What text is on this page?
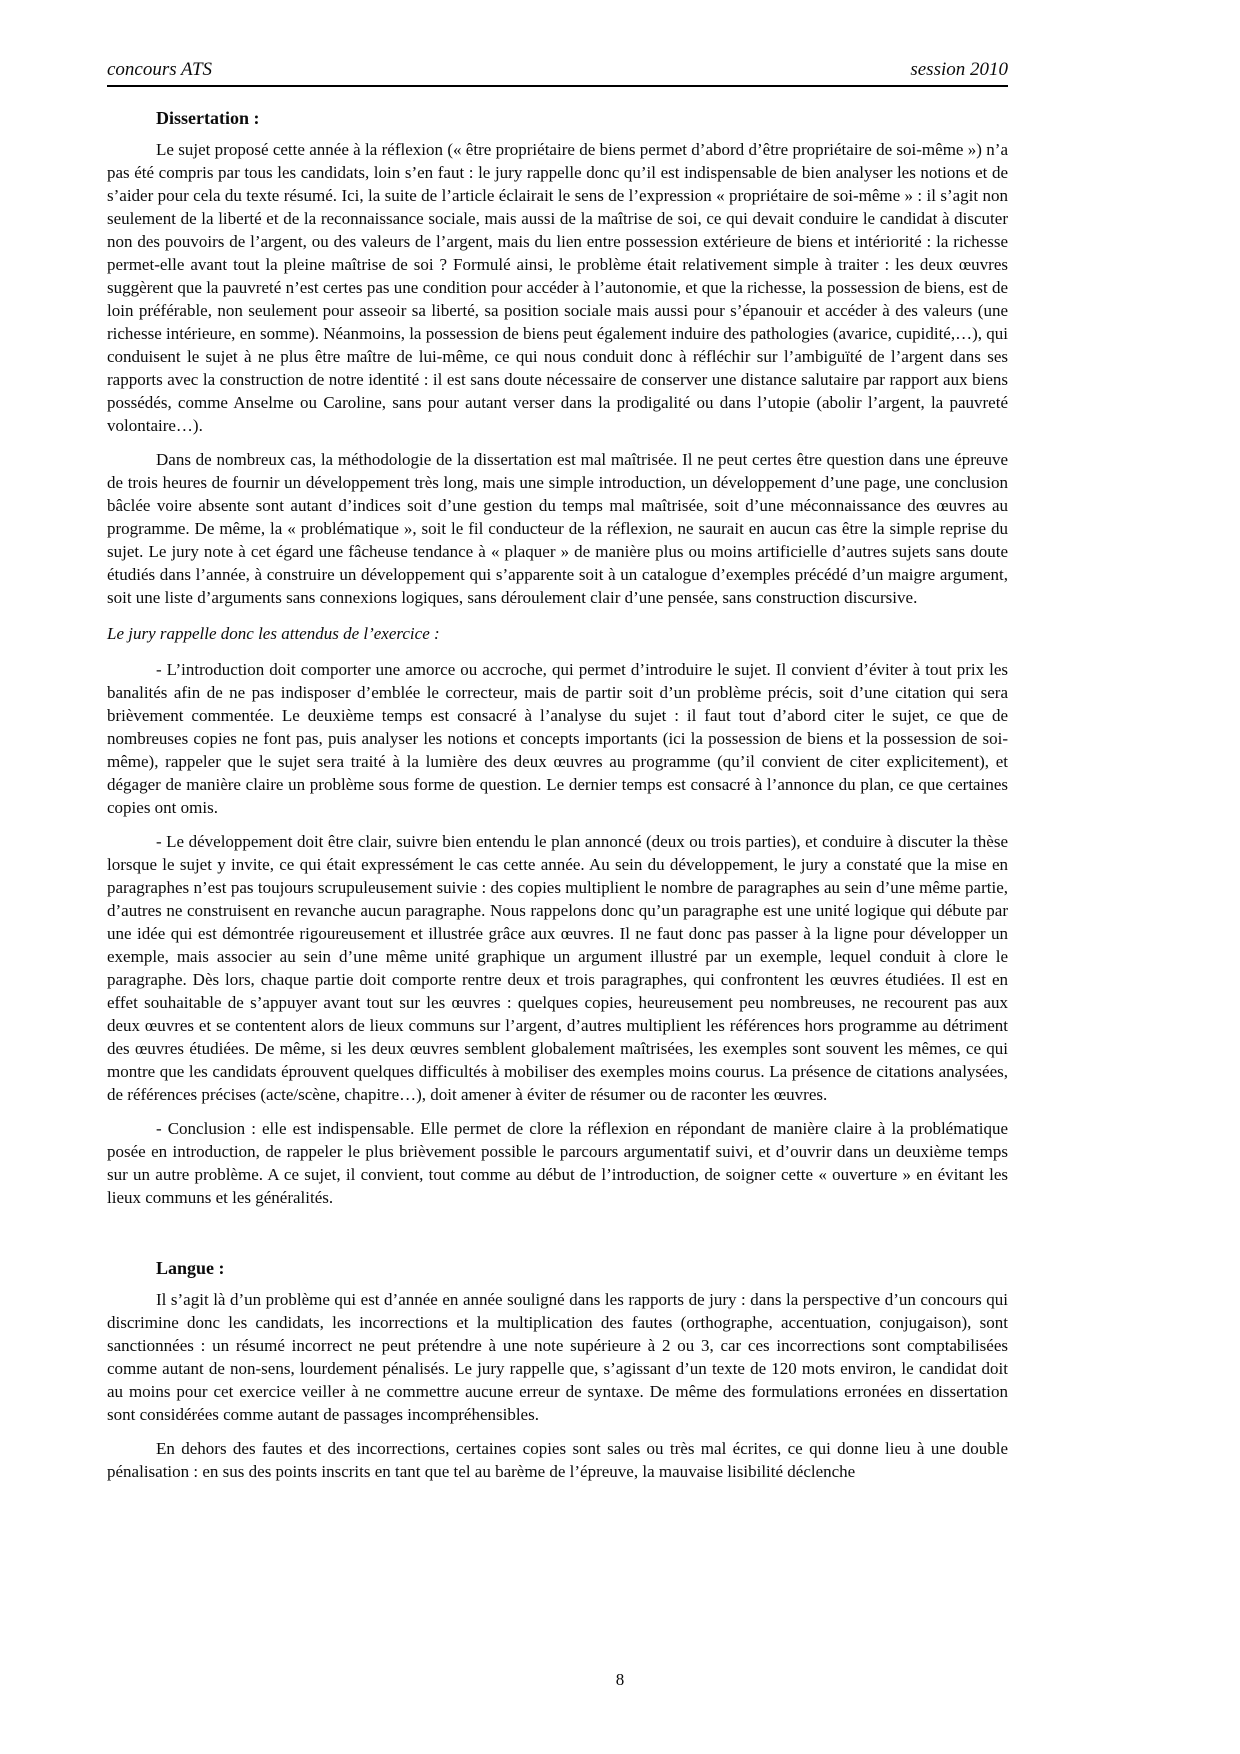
concours ATS	session 2010
Dissertation :

Le sujet proposé cette année à la réflexion (« être propriétaire de biens permet d’abord d’être propriétaire de soi-même ») n’a pas été compris par tous les candidats, loin s’en faut : le jury rappelle donc qu’il est indispensable de bien analyser les notions et de s’aider pour cela du texte résumé. Ici, la suite de l’article éclairait le sens de l’expression « propriétaire de soi-même » : il s’agit non seulement de la liberté et de la reconnaissance sociale, mais aussi de la maîtrise de soi, ce qui devait conduire le candidat à discuter non des pouvoirs de l’argent, ou des valeurs de l’argent, mais du lien entre possession extérieure de biens et intériorité : la richesse permet-elle avant tout la pleine maîtrise de soi ? Formulé ainsi, le problème était relativement simple à traiter : les deux œuvres suggèrent que la pauvreté n’est certes pas une condition pour accéder à l’autonomie, et que la richesse, la possession de biens, est de loin préférable, non seulement pour asseoir sa liberté, sa position sociale mais aussi pour s’épanouir et accéder à des valeurs (une richesse intérieure, en somme). Néanmoins, la possession de biens peut également induire des pathologies (avarice, cupidité,…), qui conduisent le sujet à ne plus être maître de lui-même, ce qui nous conduit donc à réfléchir sur l’ambiguïté de l’argent dans ses rapports avec la construction de notre identité : il est sans doute nécessaire de conserver une distance salutaire par rapport aux biens possédés, comme Anselme ou Caroline, sans pour autant verser dans la prodigalité ou dans l’utopie (abolir l’argent, la pauvreté volontaire…).

Dans de nombreux cas, la méthodologie de la dissertation est mal maîtrisée. Il ne peut certes être question dans une épreuve de trois heures de fournir un développement très long, mais une simple introduction, un développement d’une page, une conclusion bâclée voire absente sont autant d’indices soit d’une gestion du temps mal maîtrisée, soit d’une méconnaissance des œuvres au programme. De même, la « problématique », soit le fil conducteur de la réflexion, ne saurait en aucun cas être la simple reprise du sujet. Le jury note à cet égard une fâcheuse tendance à « plaquer » de manière plus ou moins artificielle d’autres sujets sans doute étudiés dans l’année, à construire un développement qui s’apparente soit à un catalogue d’exemples précédé d’un maigre argument, soit une liste d’arguments sans connexions logiques, sans déroulement clair d’une pensée, sans construction discursive.

Le jury rappelle donc les attendus de l’exercice :

- L’introduction doit comporter une amorce ou accroche, qui permet d’introduire le sujet. Il convient d’éviter à tout prix les banalités afin de ne pas indisposer d’emblée le correcteur, mais de partir soit d’un problème précis, soit d’une citation qui sera brièvement commentée. Le deuxième temps est consacré à l’analyse du sujet : il faut tout d’abord citer le sujet, ce que de nombreuses copies ne font pas, puis analyser les notions et concepts importants (ici la possession de biens et la possession de soi-même), rappeler que le sujet sera traité à la lumière des deux œuvres au programme (qu’il convient de citer explicitement), et dégager de manière claire un problème sous forme de question. Le dernier temps est consacré à l’annonce du plan, ce que certaines copies ont omis.

- Le développement doit être clair, suivre bien entendu le plan annoncé (deux ou trois parties), et conduire à discuter la thèse lorsque le sujet y invite, ce qui était expressément le cas cette année. Au sein du développement, le jury a constaté que la mise en paragraphes n’est pas toujours scrupuleusement suivie : des copies multiplient le nombre de paragraphes au sein d’une même partie, d’autres ne construisent en revanche aucun paragraphe. Nous rappelons donc qu’un paragraphe est une unité logique qui débute par une idée qui est démontrée rigoureusement et illustrée grâce aux œuvres. Il ne faut donc pas passer à la ligne pour développer un exemple, mais associer au sein d’une même unité graphique un argument illustré par un exemple, lequel conduit à clore le paragraphe. Dès lors, chaque partie doit comporte rentre deux et trois paragraphes, qui confrontent les œuvres étudiées. Il est en effet souhaitable de s’appuyer avant tout sur les œuvres : quelques copies, heureusement peu nombreuses, ne recourent pas aux deux œuvres et se contentent alors de lieux communs sur l’argent, d’autres multiplient les références hors programme au détriment des œuvres étudiées. De même, si les deux œuvres semblent globalement maîtrisées, les exemples sont souvent les mêmes, ce qui montre que les candidats éprouvent quelques difficultés à mobiliser des exemples moins courus. La présence de citations analysées, de références précises (acte/scène, chapitre…), doit amener à éviter de résumer ou de raconter les œuvres.

- Conclusion : elle est indispensable. Elle permet de clore la réflexion en répondant de manière claire à la problématique posée en introduction, de rappeler le plus brièvement possible le parcours argumentatif suivi, et d’ouvrir dans un deuxième temps sur un autre problème. A ce sujet, il convient, tout comme au début de l’introduction, de soigner cette « ouverture » en évitant les lieux communs et les généralités.

Langue :

Il s’agit là d’un problème qui est d’année en année souligné dans les rapports de jury : dans la perspective d’un concours qui discrimine donc les candidats, les incorrections et la multiplication des fautes (orthographe, accentuation, conjugaison), sont sanctionnées : un résumé incorrect ne peut prétendre à une note supérieure à 2 ou 3, car ces incorrections sont comptabilisées comme autant de non-sens, lourdement pénalisés. Le jury rappelle que, s’agissant d’un texte de 120 mots environ, le candidat doit au moins pour cet exercice veiller à ne commettre aucune erreur de syntaxe. De même des formulations erronées en dissertation sont considérées comme autant de passages incompréhensibles.

En dehors des fautes et des incorrections, certaines copies sont sales ou très mal écrites, ce qui donne lieu à une double pénalisation : en sus des points inscrits en tant que tel au barème de l’épreuve, la mauvaise lisibilité déclenche

8
